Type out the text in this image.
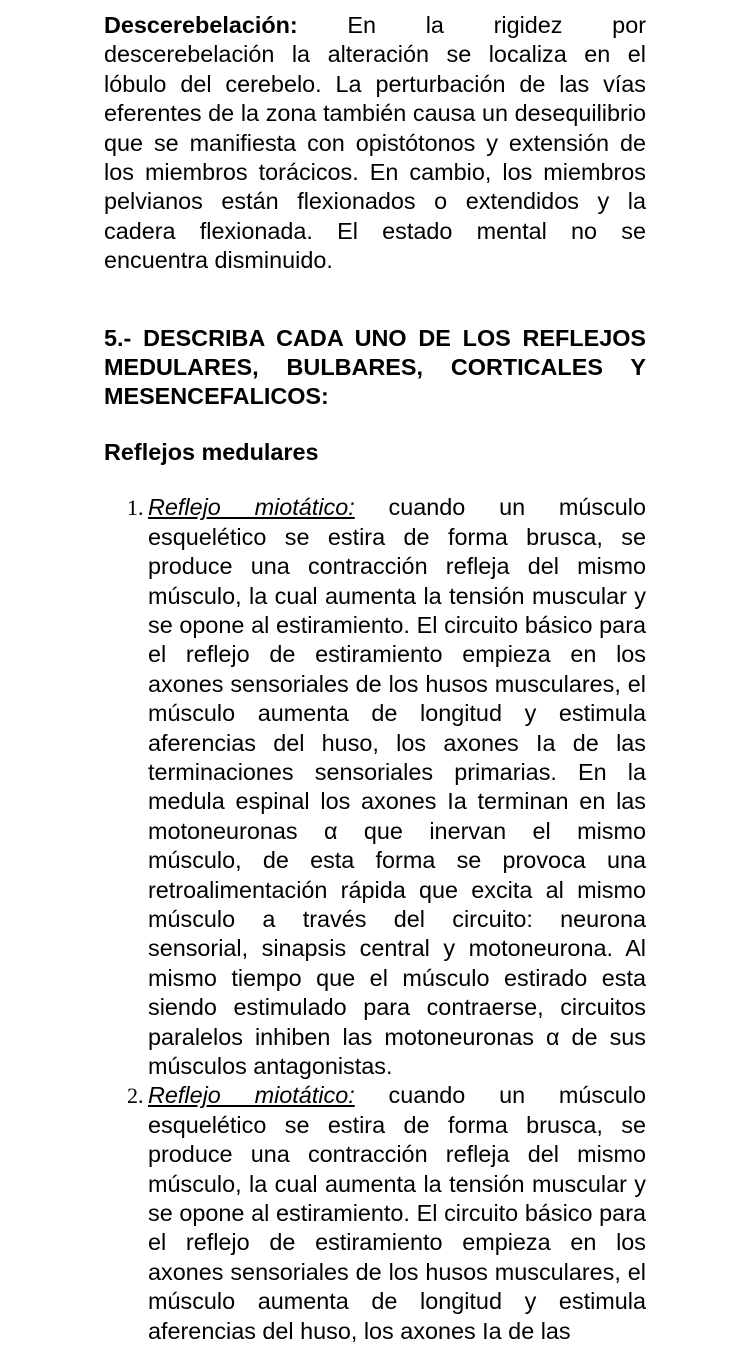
Descerebelación: En la rigidez por descerebelación la alteración se localiza en el lóbulo del cerebelo. La perturbación de las vías eferentes de la zona también causa un desequilibrio que se manifiesta con opistótonos y extensión de los miembros torácicos. En cambio, los miembros pelvianos están flexionados o extendidos y la cadera flexionada. El estado mental no se encuentra disminuido.

5.- DESCRIBA CADA UNO DE LOS REFLEJOS MEDULARES, BULBARES, CORTICALES Y MESENCEFALICOS:

Reflejos medulares

1. Reflejo miotático: cuando un músculo esquelético se estira de forma brusca, se produce una contracción refleja del mismo músculo, la cual aumenta la tensión muscular y se opone al estiramiento. El circuito básico para el reflejo de estiramiento empieza en los axones sensoriales de los husos musculares, el músculo aumenta de longitud y estimula aferencias del huso, los axones Ia de las terminaciones sensoriales primarias. En la medula espinal los axones Ia terminan en las motoneuronas α que inervan el mismo músculo, de esta forma se provoca una retroalimentación rápida que excita al mismo músculo a través del circuito: neurona sensorial, sinapsis central y motoneurona. Al mismo tiempo que el músculo estirado esta siendo estimulado para contraerse, circuitos paralelos inhiben las motoneuronas α de sus músculos antagonistas.
2. Reflejo miotático: cuando un músculo esquelético se estira de forma brusca, se produce una contracción refleja del mismo músculo, la cual aumenta la tensión muscular y se opone al estiramiento. El circuito básico para el reflejo de estiramiento empieza en los axones sensoriales de los husos musculares, el músculo aumenta de longitud y estimula aferencias del huso, los axones Ia de las
